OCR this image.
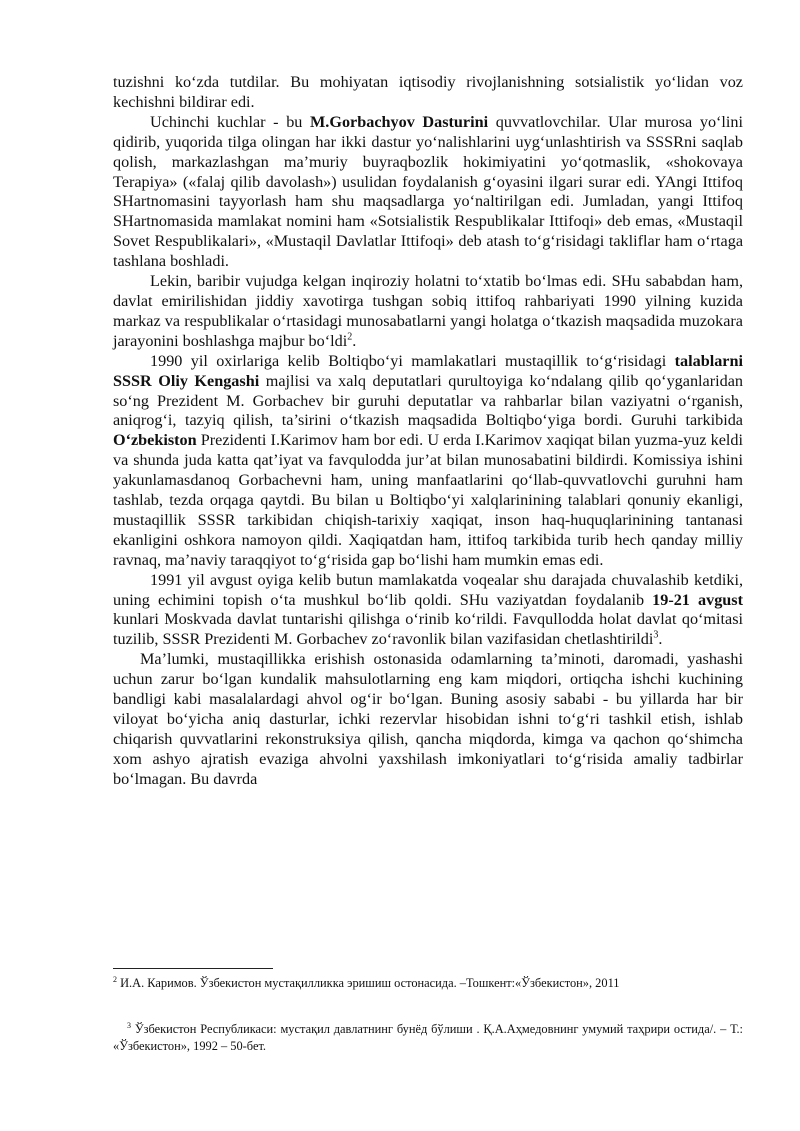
tuzishni ko‘zda tutdilar. Bu mohiyatan iqtisodiy rivojlanishning sotsialistik yo‘lidan voz kechishni bildirar edi.

Uchinchi kuchlar - bu M.Gorbachyov Dasturini quvvatlovchilar. Ular murosa yo‘lini qidirib, yuqorida tilga olingan har ikki dastur yo‘nalishlarini uyg‘unlashtirish va SSSRni saqlab qolish, markazlashgan ma’muriy buyraqbozlik hokimiyatini yo‘qotmaslik, «shokovaya Terapiya» («falaj qilib davolash») usulidan foydalanish g‘oyasini ilgari surar edi. YAngi Ittifoq SHartnomasini tayyorlash ham shu maqsadlarga yo‘naltirilgan edi. Jumladan, yangi Ittifoq SHartnomasida mamlakat nomini ham «Sotsialistik Respublikalar Ittifoqi» deb emas, «Mustaqil Sovet Respublikalari», «Mustaqil Davlatlar Ittifoqi» deb atash to‘g‘risidagi takliflar ham o‘rtaga tashlana boshladi.

Lekin, baribir vujudga kelgan inqiroziy holatni to‘xtatib bo‘lmas edi. SHu sababdan ham, davlat emirilishidan jiddiy xavotirga tushgan sobiq ittifoq rahbariyati 1990 yilning kuzida markaz va respublikalar o‘rtasidagi munosabatlarni yangi holatga o‘tkazish maqsadida muzokara jarayonini boshlashga majbur bo‘ldi$^2$.

1990 yil oxirlariga kelib Boltiqbo‘yi mamlakatlari mustaqillik to‘g‘risidagi talablarni SSSR Oliy Kengashi majlisi va xalq deputatlari qurultoyiga ko‘ndalang qilib qo‘yganlaridan so‘ng Prezident M. Gorbachev bir guruhi deputatlar va rahbarlar bilan vaziyatni o‘rganish, aniqrog‘i, tazyiq qilish, ta’sirini o‘tkazish maqsadida Boltiqbo‘yiga bordi. Guruhi tarkibida O‘zbekiston Prezidenti I.Karimov ham bor edi. U erda I.Karimov xaqiqat bilan yuzma-yuz keldi va shunda juda katta qat’iyat va favqulodda jur’at bilan munosabatini bildirdi. Komissiya ishini yakunlamasdanoq Gorbachevni ham, uning manfaatlarini qo‘llab-quvvatlovchi guruhni ham tashlab, tezda orqaga qaytdi. Bu bilan u Boltiqbo‘yi xalqlarinining talablari qonuniy ekanligi, mustaqillik SSSR tarkibidan chiqish-tarixiy xaqiqat, inson haq-huquqlarinining tantanasi ekanligini oshkora namoyon qildi. Xaqiqatdan ham, ittifoq tarkibida turib hech qanday milliy ravnaq, ma’naviy taraqqiyot to‘g‘risida gap bo‘lishi ham mumkin emas edi.

1991 yil avgust oyiga kelib butun mamlakatda voqealar shu darajada chuvalashib ketdiki, uning echimini topish o‘ta mushkul bo‘lib qoldi. SHu vaziyatdan foydalanib 19-21 avgust kunlari Moskvada davlat tuntarishi qilishga o‘rinib ko‘rildi. Favqullodda holat davlat qo‘mitasi tuzilib, SSSR Prezidenti M. Gorbachev zo‘ravonlik bilan vazifasidan chetlashtirildi$^3$.

Ma’lumki, mustaqillikka erishish ostonasida odamlarning ta’minoti, daromadi, yashashi uchun zarur bo‘lgan kundalik mahsulotlarning eng kam miqdori, ortiqcha ishchi kuchining bandligi kabi masalalardagi ahvol og‘ir bo‘lgan. Buning asosiy sababi - bu yillarda har bir viloyat bo‘yicha aniq dasturlar, ichki rezervlar hisobidan ishni to‘g‘ri tashkil etish, ishlab chiqarish quvvatlarini rekonstruksiya qilish, qancha miqdorda, kimga va qachon qo‘shimcha xom ashyo ajratish evaziga ahvolni yaxshilash imkoniyatlari to‘g‘risida amaliy tadbirlar bo‘lmagan. Bu davrda

$^2$ И.А. Каримов. Ўзбекистон мустақилликка эришиш остонасида. –Тошкент:«Ўзбекистон», 2011

$^3$ Ўзбекистон Республикаси: мустақил давлатнинг бунёд бўлиши . Қ.А.Аҳмедовнинг умумий таҳрири остида/. – Т.: «Ўзбекистон», 1992 – 50-бет.
